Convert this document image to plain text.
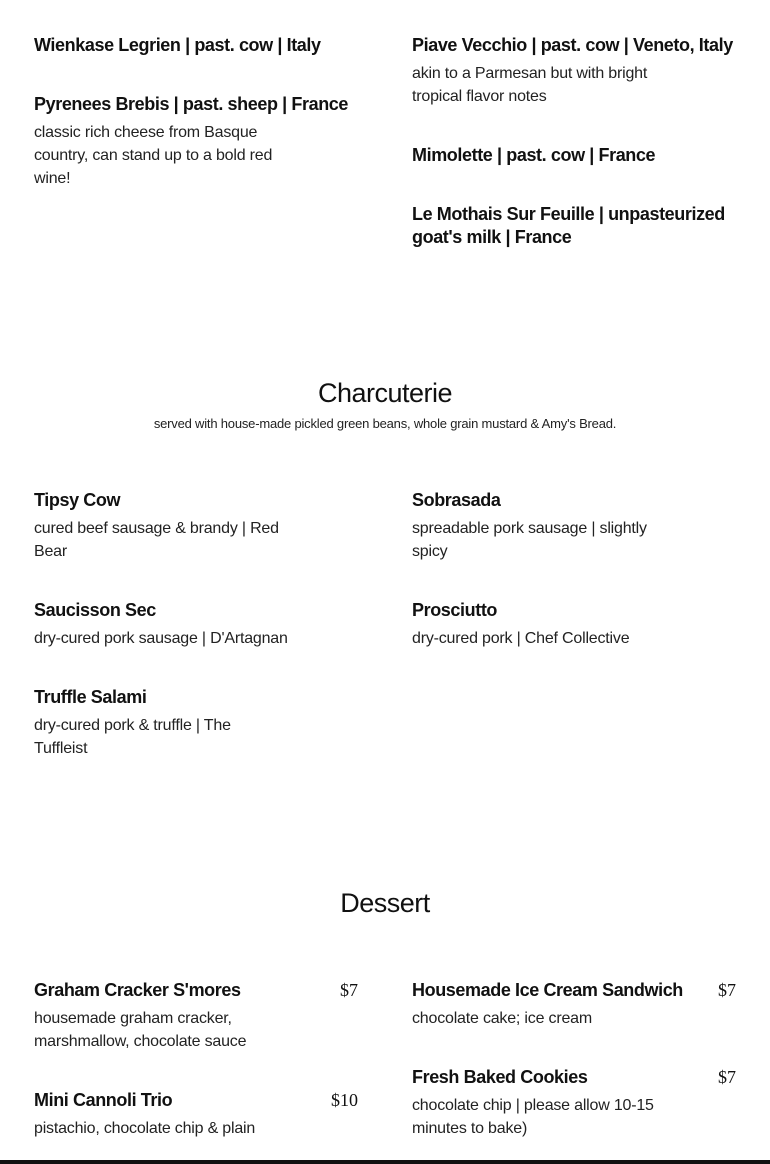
Wienkase Legrien | past. cow | Italy
Pyrenees Brebis | past. sheep | France
classic rich cheese from Basque country, can stand up to a bold red wine!
Piave Vecchio | past. cow | Veneto, Italy
akin to a Parmesan but with bright tropical flavor notes
Mimolette | past. cow | France
Le Mothais Sur Feuille | unpasteurized goat's milk | France
Charcuterie
served with house-made pickled green beans, whole grain mustard & Amy's Bread.
Tipsy Cow
cured beef sausage & brandy | Red Bear
Saucisson Sec
dry-cured pork sausage | D'Artagnan
Truffle Salami
dry-cured pork & truffle | The Tuffleist
Sobrasada
spreadable pork sausage | slightly spicy
Prosciutto
dry-cured pork | Chef Collective
Dessert
Graham Cracker S'mores	$7
housemade graham cracker, marshmallow, chocolate sauce
Mini Cannoli Trio	$10
pistachio, chocolate chip & plain
Housemade Ice Cream Sandwich $7
chocolate cake; ice cream
Fresh Baked Cookies	$7
chocolate chip | please allow 10-15 minutes to bake)
